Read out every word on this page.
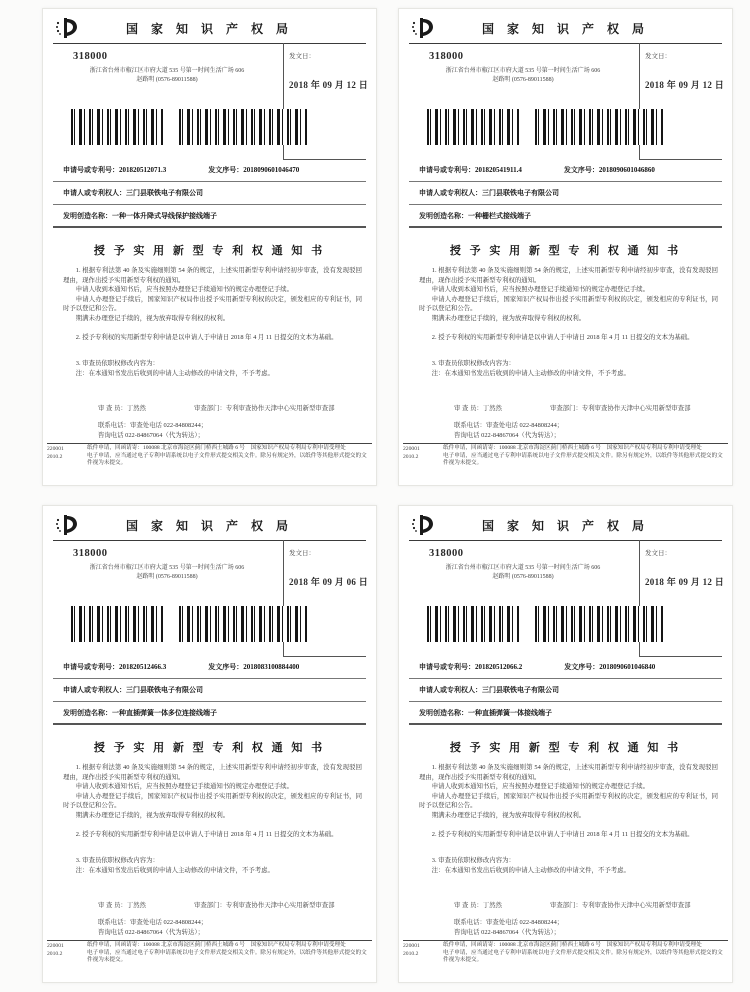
国 家 知 识 产 权 局
318000
浙江省台州市椒江区市府大道 535 号第一时间生活广场 606
赵路明 (0576-89011588)
发文日：
2018 年 09 月 12 日
申请号或专利号： 201820512071.3	发文序号： 2018090601046470
申请人或专利权人： 三门县联铁电子有限公司
发明创造名称： 一种一体升降式导线保护接线端子
授 予 实 用 新 型 专 利 权 通 知 书

1. 根据专利法第 40 条及实施细则第 54 条的规定，上述实用新型专利申请经初步审查，没有发现驳回理由，现作出授予实用新型专利权的通知。

申请人收到本通知书后，应当按照办理登记手续通知书的规定办理登记手续。

申请人办理登记手续后，国家知识产权局作出授予实用新型专利权的决定，颁发相应的专利证书，同时予以登记和公告。

期满未办理登记手续的，视为放弃取得专利权的权利。

2. 授予专利权的实用新型专利申请是以申请人于申请日 2018 年 4 月 11 日提交的文本为基础。

3. 审查员依职权修改内容为：

注：在本通知书发出后收到的申请人主动修改的申请文件，不予考虑。

审 查 员：丁然然	审查部门：专利审查协作天津中心实用新型审查部
联系电话：审查处电话 022-84808244；
咨询电话 022-84867064（代为转达）；
220001
2010.2
纸件申请，回函请寄：100088 北京市海淀区蓟门桥西土城路 6 号　国家知识产权局专利局专利申请受理处
电子申请，应当通过电子专利申请系统以电子文件形式提交相关文件。除另有规定外，以纸件等其他形式提交的文件视为未提交。
国 家 知 识 产 权 局
318000
浙江省台州市椒江区市府大道 535 号第一时间生活广场 606
赵路明 (0576-89011588)
发文日：
2018 年 09 月 12 日
申请号或专利号： 201820541911.4	发文序号： 2018090601046860
申请人或专利权人： 三门县联铁电子有限公司
发明创造名称： 一种栅栏式接线端子
授 予 实 用 新 型 专 利 权 通 知 书

1. 根据专利法第 40 条及实施细则第 54 条的规定，上述实用新型专利申请经初步审查，没有发现驳回理由，现作出授予实用新型专利权的通知。

申请人收到本通知书后，应当按照办理登记手续通知书的规定办理登记手续。

申请人办理登记手续后，国家知识产权局作出授予实用新型专利权的决定，颁发相应的专利证书，同时予以登记和公告。

期满未办理登记手续的，视为放弃取得专利权的权利。

2. 授予专利权的实用新型专利申请是以申请人于申请日 2018 年 4 月 11 日提交的文本为基础。

3. 审查员依职权修改内容为：

注：在本通知书发出后收到的申请人主动修改的申请文件，不予考虑。

审 查 员：丁然然	审查部门：专利审查协作天津中心实用新型审查部
联系电话：审查处电话 022-84808244；
咨询电话 022-84867064（代为转达）；
220001
2010.2
纸件申请，回函请寄：100088 北京市海淀区蓟门桥西土城路 6 号　国家知识产权局专利局专利申请受理处
电子申请，应当通过电子专利申请系统以电子文件形式提交相关文件。除另有规定外，以纸件等其他形式提交的文件视为未提交。
国 家 知 识 产 权 局
318000
浙江省台州市椒江区市府大道 535 号第一时间生活广场 606
赵路明 (0576-89011588)
发文日：
2018 年 09 月 06 日
申请号或专利号： 201820512466.3	发文序号： 2018083100884400
申请人或专利权人： 三门县联铁电子有限公司
发明创造名称： 一种直插弹簧一体多位连接线端子
授 予 实 用 新 型 专 利 权 通 知 书

1. 根据专利法第 40 条及实施细则第 54 条的规定，上述实用新型专利申请经初步审查，没有发现驳回理由，现作出授予实用新型专利权的通知。

申请人收到本通知书后，应当按照办理登记手续通知书的规定办理登记手续。

申请人办理登记手续后，国家知识产权局作出授予实用新型专利权的决定，颁发相应的专利证书，同时予以登记和公告。

期满未办理登记手续的，视为放弃取得专利权的权利。

2. 授予专利权的实用新型专利申请是以申请人于申请日 2018 年 4 月 11 日提交的文本为基础。

3. 审查员依职权修改内容为：

注：在本通知书发出后收到的申请人主动修改的申请文件，不予考虑。

审 查 员：丁然然	审查部门：专利审查协作天津中心实用新型审查部
联系电话：审查处电话 022-84808244；
咨询电话 022-84867064（代为转达）；
220001
2010.2
纸件申请，回函请寄：100088 北京市海淀区蓟门桥西土城路 6 号　国家知识产权局专利局专利申请受理处
电子申请，应当通过电子专利申请系统以电子文件形式提交相关文件。除另有规定外，以纸件等其他形式提交的文件视为未提交。
国 家 知 识 产 权 局
318000
浙江省台州市椒江区市府大道 535 号第一时间生活广场 606
赵路明 (0576-89011588)
发文日：
2018 年 09 月 12 日
申请号或专利号： 201820512066.2	发文序号： 2018090601046840
申请人或专利权人： 三门县联铁电子有限公司
发明创造名称： 一种直插弹簧一体接线端子
授 予 实 用 新 型 专 利 权 通 知 书

1. 根据专利法第 40 条及实施细则第 54 条的规定，上述实用新型专利申请经初步审查，没有发现驳回理由，现作出授予实用新型专利权的通知。

申请人收到本通知书后，应当按照办理登记手续通知书的规定办理登记手续。

申请人办理登记手续后，国家知识产权局作出授予实用新型专利权的决定，颁发相应的专利证书，同时予以登记和公告。

期满未办理登记手续的，视为放弃取得专利权的权利。

2. 授予专利权的实用新型专利申请是以申请人于申请日 2018 年 4 月 11 日提交的文本为基础。

3. 审查员依职权修改内容为：

注：在本通知书发出后收到的申请人主动修改的申请文件，不予考虑。

审 查 员：丁然然	审查部门：专利审查协作天津中心实用新型审查部
联系电话：审查处电话 022-84808244；
咨询电话 022-84867064（代为转达）；
220001
2010.2
纸件申请，回函请寄：100088 北京市海淀区蓟门桥西土城路 6 号　国家知识产权局专利局专利申请受理处
电子申请，应当通过电子专利申请系统以电子文件形式提交相关文件。除另有规定外，以纸件等其他形式提交的文件视为未提交。
